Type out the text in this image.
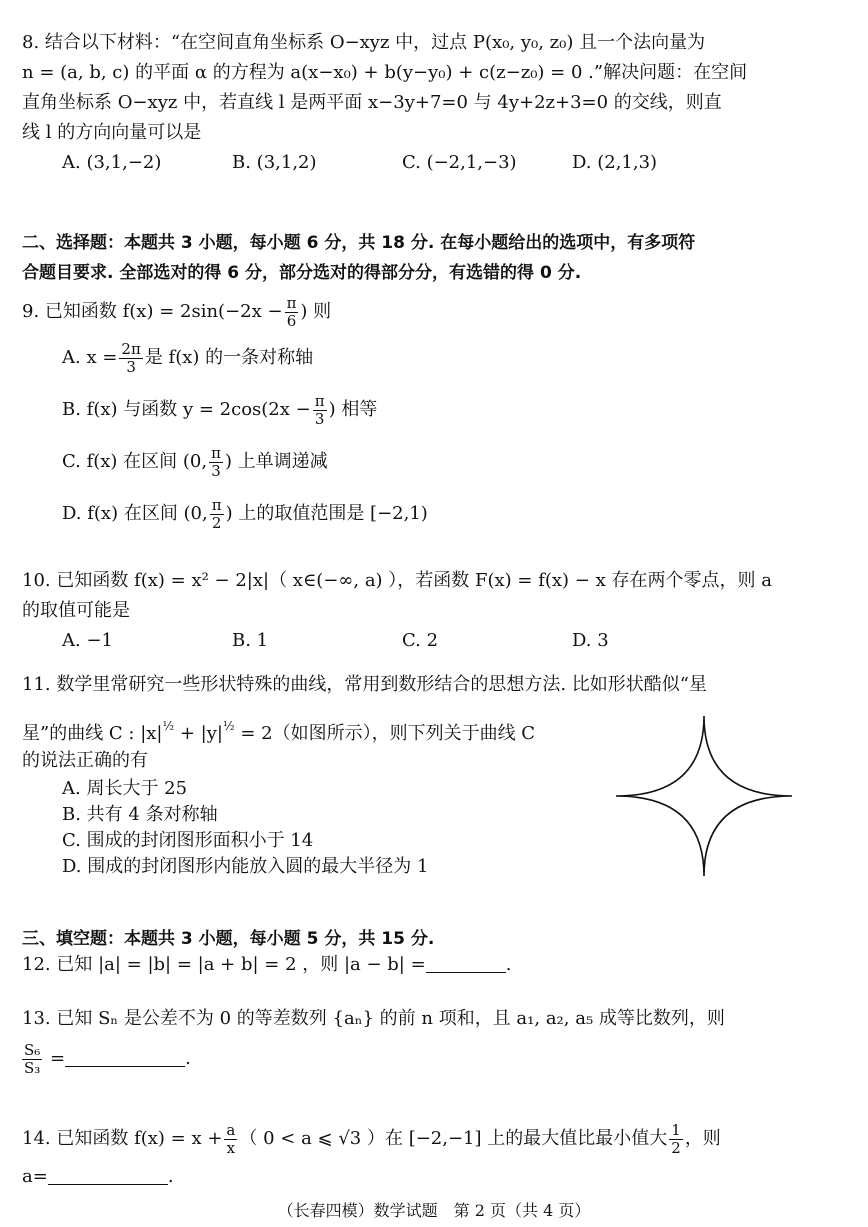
8. 结合以下材料：“在空间直角坐标系 O−xyz 中，过点 P(x₀, y₀, z₀) 且一个法向量为
n = (a, b, c) 的平面 α 的方程为 a(x−x₀) + b(y−y₀) + c(z−z₀) = 0 .”解决问题：在空间
直角坐标系 O−xyz 中，若直线 l 是两平面 x−3y+7=0 与 4y+2z+3=0 的交线，则直
线 l 的方向向量可以是
A. (3,1,−2)	B. (3,1,2)	C. (−2,1,−3)	D. (2,1,3)
二、选择题：本题共 3 小题，每小题 6 分，共 18 分. 在每小题给出的选项中，有多项符
合题目要求. 全部选对的得 6 分，部分选对的得部分分，有选错的得 0 分.
9. 已知函数 $f(x) = 2\sin(-2x - \frac{\pi}{6}$ ) 则
A. $x = \frac{2\pi}{3}$ 是 f(x) 的一条对称轴
B. f(x) 与函数 $y = 2\cos(2x - \frac{\pi}{3}$ ) 相等
C. f(x) 在区间 (0, $\frac{\pi}{3}$ ) 上单调递减
D. f(x) 在区间 (0, $\frac{\pi}{2}$ ) 上的取值范围是 [−2,1)
10. 已知函数 f(x) = x² − 2|x|（ x∈(−∞, a) ），若函数 F(x) = f(x) − x 存在两个零点，则 a
的取值可能是
A. −1	B. 1	C. 2	D. 3
11. 数学里常研究一些形状特殊的曲线，常用到数形结合的思想方法. 比如形状酷似“星
星”的曲线 C : $|x|^{\frac{1}{2}} + |y|^{\frac{1}{2}} = 2$（如图所示），则下列关于曲线 C
的说法正确的有
A. 周长大于 25
B. 共有 4 条对称轴
C. 围成的封闭图形面积小于 14
D. 围成的封闭图形内能放入圆的最大半径为 1
三、填空题：本题共 3 小题，每小题 5 分，共 15 分.
12. 已知 |a| = |b| = |a + b| = 2 ，则 |a − b| =	.
13. 已知 Sₙ 是公差不为 0 的等差数列 {aₙ} 的前 n 项和，且 a₁, a₂, a₅ 成等比数列，则
$\frac{\text{S₆}}{\text{S₃}}$ =	.
14. 已知函数 $f(x) = x + \frac{a}{x}$ （ 0 < a ⩽ √3 ）在 [−2,−1] 上的最大值比最小值大 $\frac{1}{2}$ ，则
a=	.
（长春四模）数学试题　第 2 页（共 4 页）
